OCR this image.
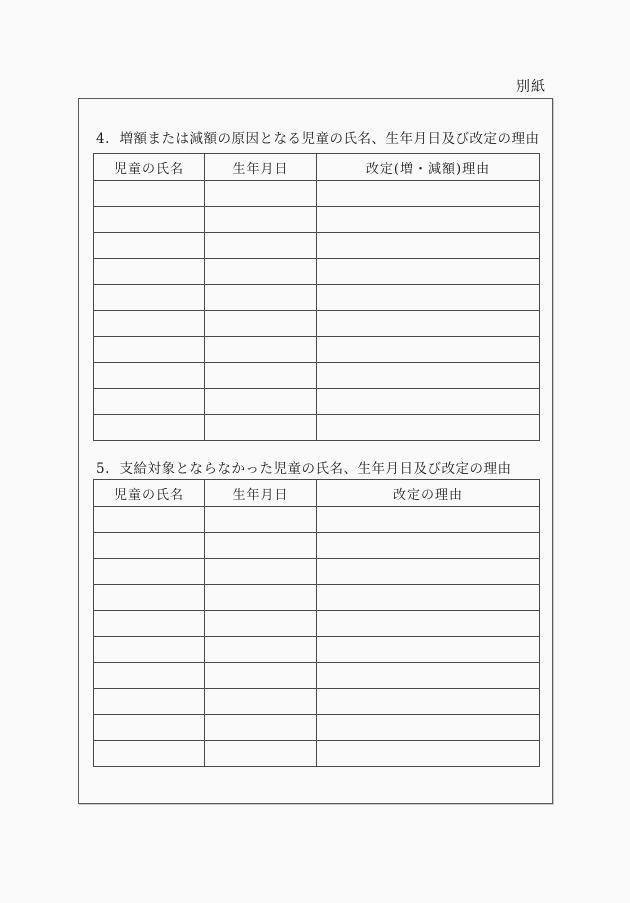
別紙
4.  増額または減額の原因となる児童の氏名、生年月日及び改定の理由
児童の氏名	生年月日	改定(増・減額)理由

5.  支給対象とならなかった児童の氏名、生年月日及び改定の理由
児童の氏名	生年月日	改定の理由
